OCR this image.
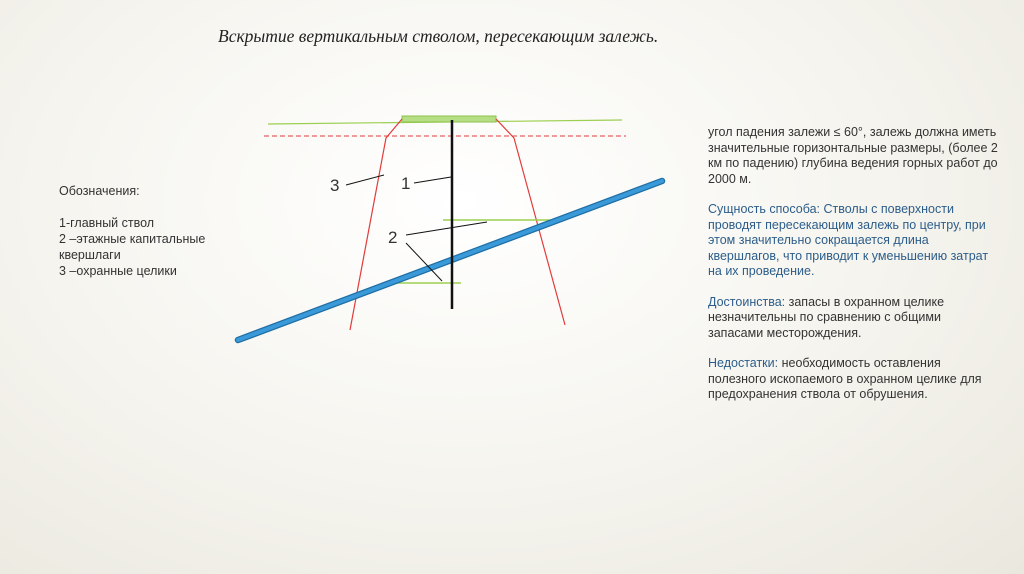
Вскрытие вертикальным стволом, пересекающим залежь.
1
3
2
Обозначения:
1-главный ствол
2 –этажные капитальные квершлаги
3 –охранные целики

угол падения залежи ≤ 60°, залежь должна иметь значительные горизонтальные размеры, (более 2 км по падению) глубина ведения горных работ до 2000 м.

Сущность способа: Стволы с поверхности проводят пересекающим залежь по центру, при этом значительно сокращается длина квершлагов, что приводит к уменьшению затрат на их проведение.

Достоинства: запасы в охранном целике незначительны по сравнению с общими запасами месторождения.

Недостатки: необходимость оставления полезного ископаемого в охранном целике для предохранения ствола от обрушения.
